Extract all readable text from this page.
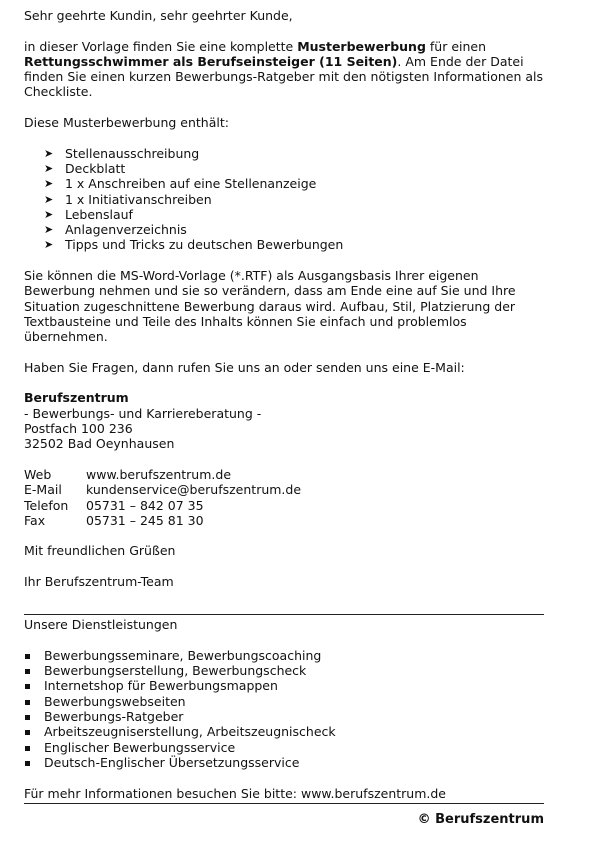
Sehr geehrte Kundin, sehr geehrter Kunde,

in dieser Vorlage finden Sie eine komplette Musterbewerbung für einen Rettungsschwimmer als Berufseinsteiger (11 Seiten). Am Ende der Datei finden Sie einen kurzen Bewerbungs-Ratgeber mit den nötigsten Informationen als Checkliste.

Diese Musterbewerbung enthält:

➤ Stellenausschreibung
➤ Deckblatt
➤ 1 x Anschreiben auf eine Stellenanzeige
➤ 1 x Initiativanschreiben
➤ Lebenslauf
➤ Anlagenverzeichnis
➤ Tipps und Tricks zu deutschen Bewerbungen

Sie können die MS-Word-Vorlage (*.RTF) als Ausgangsbasis Ihrer eigenen Bewerbung nehmen und sie so verändern, dass am Ende eine auf Sie und Ihre Situation zugeschnittene Bewerbung daraus wird. Aufbau, Stil, Platzierung der Textbausteine und Teile des Inhalts können Sie einfach und problemlos übernehmen.

Haben Sie Fragen, dann rufen Sie uns an oder senden uns eine E-Mail:

Berufszentrum

- Bewerbungs- und Karriereberatung -

Postfach 100 236

32502 Bad Oeynhausen

Web	www.berufszentrum.de
E-Mail	kundenservice@berufszentrum.de
Telefon	05731 – 842 07 35
Fax	05731 – 245 81 30

Mit freundlichen Grüßen

Ihr Berufszentrum-Team

Unsere Dienstleistungen

Bewerbungsseminare, Bewerbungscoaching
Bewerbungserstellung, Bewerbungscheck
Internetshop für Bewerbungsmappen
Bewerbungswebseiten
Bewerbungs-Ratgeber
Arbeitszeugniserstellung, Arbeitszeugnischeck
Englischer Bewerbungsservice
Deutsch-Englischer Übersetzungsservice

Für mehr Informationen besuchen Sie bitte: www.berufszentrum.de

© Berufszentrum
